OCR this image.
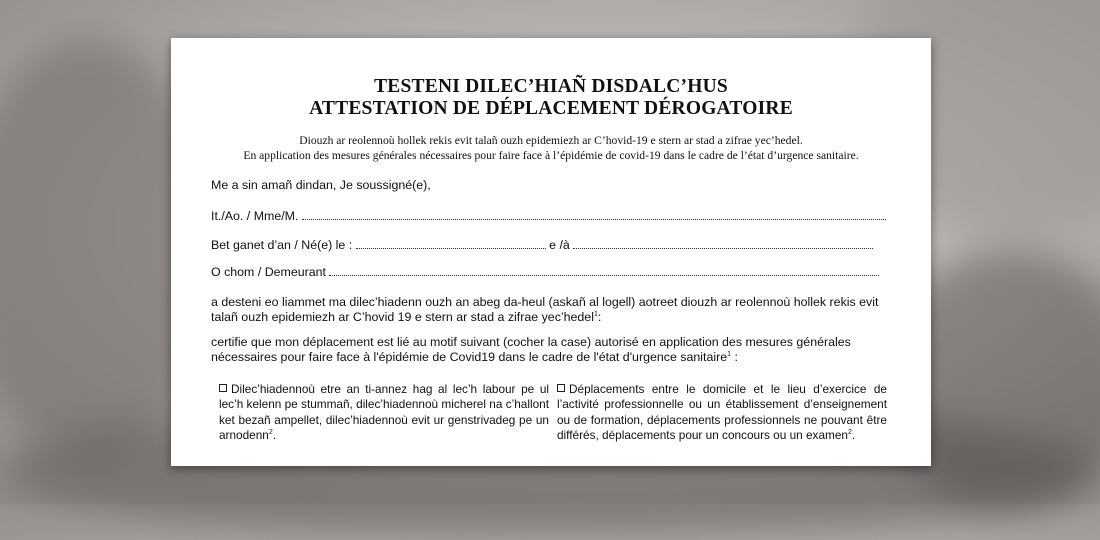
TESTENI DILEC’HIAÑ DISDALC’HUS
ATTESTATION DE DÉPLACEMENT DÉROGATOIRE
Diouzh ar reolennoù hollek rekis evit talañ ouzh epidemiezh ar C’hovid-19 e stern ar stad a zifrae yec’hedel.
En application des mesures générales nécessaires pour faire face à l’épidémie de covid-19 dans le cadre de l’état d’urgence sanitaire.
Me a sin amañ dindan, Je soussigné(e),
It./Ao. / Mme/M.
Bet ganet d’an / Né(e) le :	e /à
O chom / Demeurant
a desteni eo liammet ma dilec’hiadenn ouzh an abeg da-heul (askañ al logell) aotreet diouzh ar reolennoù hollek rekis evit talañ ouzh epidemiezh ar C’hovid 19 e stern ar stad a zifrae yec’hedel$^1$:
certifie que mon déplacement est lié au motif suivant (cocher la case) autorisé en application des mesures générales nécessaires pour faire face à l'épidémie de Covid19 dans le cadre de l'état d'urgence sanitaire$^1$ :
Dilec’hiadennoù etre an ti-annez hag al lec’h labour pe ul lec’h kelenn pe stummañ, dilec’hiadennoù micherel na c’hallont ket bezañ ampellet, dilec’hiadennoù evit ur genstrivadeg pe un arnodenn$^2$.
Déplacements entre le domicile et le lieu d’exercice de l’activité professionnelle ou un établissement d’enseignement ou de formation, déplacements professionnels ne pouvant être différés, déplacements pour un concours ou un examen$^2$.
